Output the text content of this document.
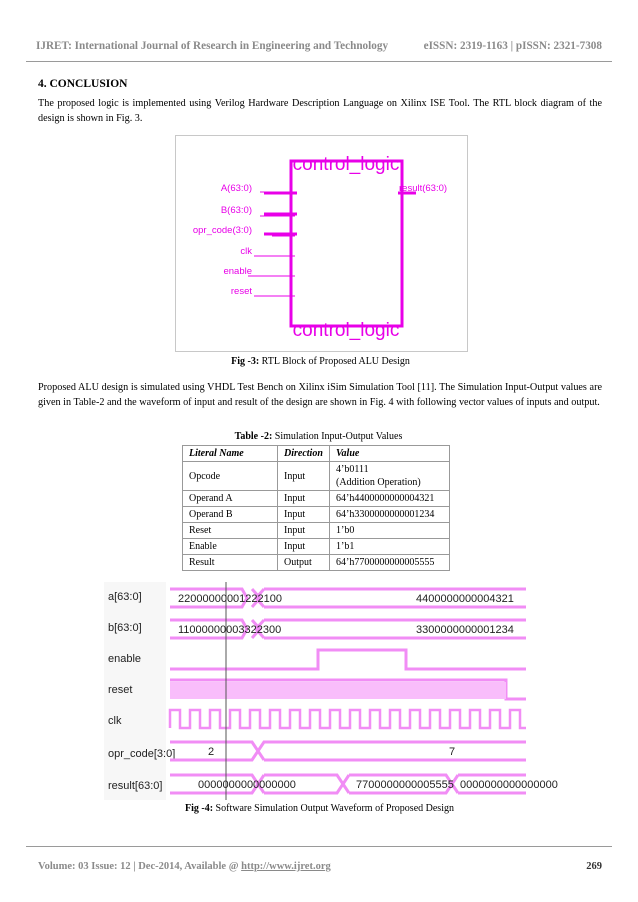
IJRET: International Journal of Research in Engineering and Technology	eISSN: 2319-1163 | pISSN: 2321-7308
4. CONCLUSION
The proposed logic is implemented using Verilog Hardware Description Language on Xilinx ISE Tool. The RTL block diagram of the design is shown in Fig. 3.
control_logic
control_logic
A(63:0)
B(63:0)
opr_code(3:0)
clk
enable
reset
result(63:0)
Fig -3: RTL Block of Proposed ALU Design
Proposed ALU design is simulated using VHDL Test Bench on Xilinx iSim Simulation Tool [11]. The Simulation Input-Output values are given in Table-2 and the waveform of input and result of the design are shown in Fig. 4 with following vector values of inputs and output.
Table -2: Simulation Input-Output Values
Literal Name	Direction	Value
Opcode	Input	4’b0111
(Addition Operation)

Operand A	Input	64’h4400000000004321
Operand B	Input	64’h3300000000001234
Reset	Input	1’b0
Enable	Input	1’b1
Result	Output	64’h7700000000005555
a[63:0]
b[63:0]
enable
reset
clk
opr_code[3:0]
result[63:0]
22000000001222100	4400000000004321
11000000003322300	3300000000001234
2	7
0000000000000000	7700000000005555 0000000000000000
Fig -4: Software Simulation Output Waveform of Proposed Design
Volume: 03 Issue: 12 | Dec-2014, Available @ http://www.ijret.org	269
